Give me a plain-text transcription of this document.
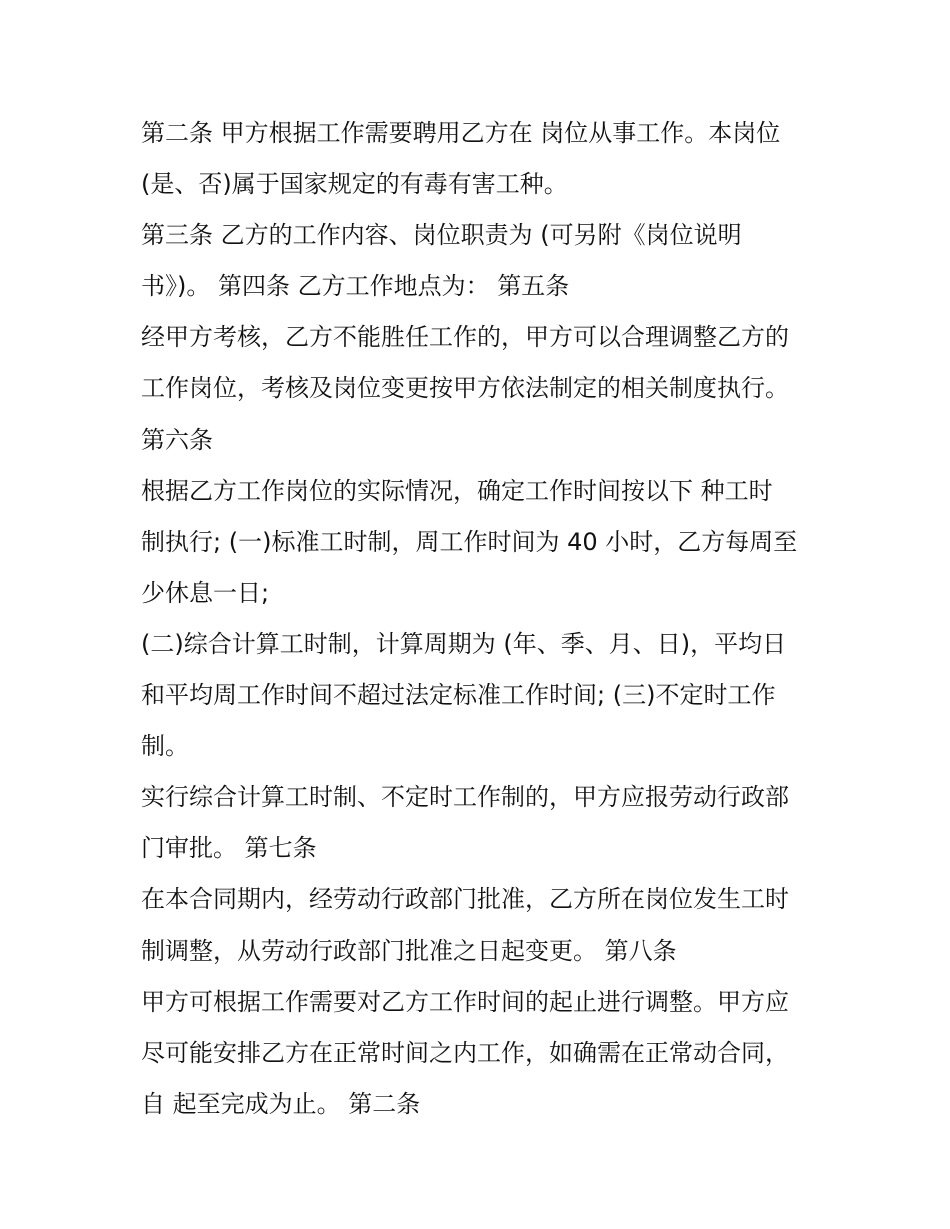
第二条 甲方根据工作需要聘用乙方在 岗位从事工作。本岗位
(是、否)属于国家规定的有毒有害工种。
第三条 乙方的工作内容、岗位职责为 (可另附《岗位说明
书》)。 第四条 乙方工作地点为： 第五条
经甲方考核，乙方不能胜任工作的，甲方可以合理调整乙方的
工作岗位，考核及岗位变更按甲方依法制定的相关制度执行。
第六条
根据乙方工作岗位的实际情况，确定工作时间按以下 种工时
制执行; (一)标准工时制，周工作时间为 40 小时，乙方每周至
少休息一日;
(二)综合计算工时制，计算周期为 (年、季、月、日)，平均日
和平均周工作时间不超过法定标准工作时间; (三)不定时工作
制。
实行综合计算工时制、不定时工作制的，甲方应报劳动行政部
门审批。 第七条
在本合同期内，经劳动行政部门批准，乙方所在岗位发生工时
制调整，从劳动行政部门批准之日起变更。 第八条
甲方可根据工作需要对乙方工作时间的起止进行调整。甲方应
尽可能安排乙方在正常时间之内工作，如确需在正常动合同，
自 起至完成为止。 第二条
